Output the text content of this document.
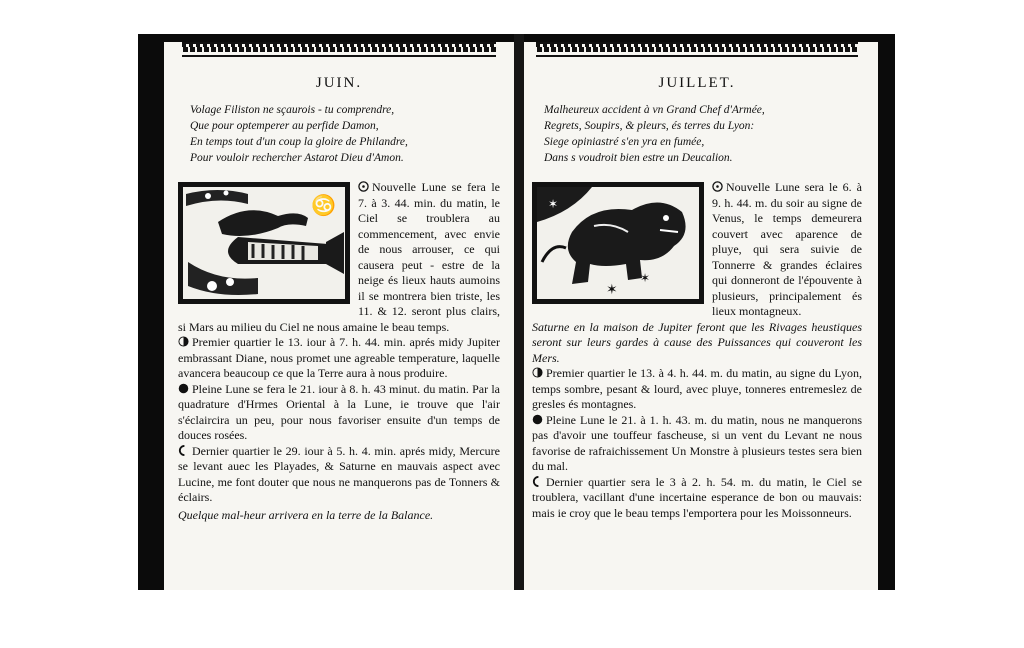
JUIN.
Volage Filiston ne sçaurois - tu comprendre,
Que pour optemperer au perfide Damon,
En temps tout d'un coup la gloire de Philandre,
Pour vouloir rechercher Astarot Dieu d'Amon.
♋

Nouvelle Lune se fera le 7. à 3. 44. min. du matin, le Ciel se troublera au commencement, avec envie de nous arrouser, ce qui causera peut - estre de la neige és lieux hauts aumoins il se montrera bien triste, les 11. & 12. seront plus clairs, si Mars au milieu du Ciel ne nous amaine le beau temps.

Premier quartier le 13. iour à 7. h. 44. min. aprés midy Jupiter embrassant Diane, nous promet une agreable temperature, laquelle avancera beaucoup ce que la Terre aura à nous produire.

Pleine Lune se fera le 21. iour à 8. h. 43 minut. du matin. Par la quadrature d'Hrmes Oriental à la Lune, ie trouve que l'air s'éclaircira un peu, pour nous favoriser ensuite d'un temps de douces rosées.

Dernier quartier le 29. iour à 5. h. 4. min. aprés midy, Mercure se levant auec les Playades, & Saturne en mauvais aspect avec Lucine, me font douter que nous ne manquerons pas de Tonners & éclairs.

Quelque mal-heur arrivera en la terre de la Balance.
JUILLET.
Malheureux accident à vn Grand Chef d'Armée,
Regrets, Soupirs, & pleurs, és terres du Lyon:
Siege opiniastré s'en yra en fumée,
Dans s voudroit bien estre un Deucalion.
✶
✶
✶

Nouvelle Lune sera le 6. à 9. h. 44. m. du soir au signe de Venus, le temps demeurera couvert avec aparence de pluye, qui sera suivie de Tonnerre & grandes éclaires qui donneront de l'épouvente à plusieurs, principalement és lieux montagneux.

Saturne en la maison de Jupiter feront que les Rivages heustiques seront sur leurs gardes à cause des Puissances qui couveront les Mers.

Premier quartier le 13. à 4. h. 44. m. du matin, au signe du Lyon, temps sombre, pesant & lourd, avec pluye, tonneres entremeslez de gresles és montagnes.

Pleine Lune le 21. à 1. h. 43. m. du matin, nous ne manquerons pas d'avoir une touffeur fascheuse, si un vent du Levant ne nous favorise de rafraichissement Un Monstre à plusieurs testes sera bien du mal.

Dernier quartier sera le 3 à 2. h. 54. m. du matin, le Ciel se troublera, vacillant d'une incertaine esperance de bon ou mauvais: mais ie croy que le beau temps l'emportera pour les Moissonneurs.
